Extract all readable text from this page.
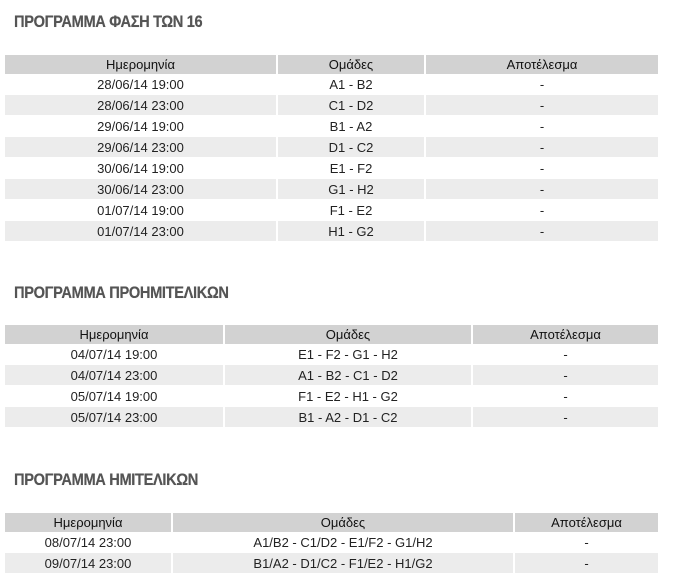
ΠΡΟΓΡΑΜΜΑ ΦΑΣΗ ΤΩΝ 16
Ημερομηνία	Ομάδες	Αποτέλεσμα
28/06/14 19:00	A1 - B2	-
28/06/14 23:00	C1 - D2	-
29/06/14 19:00	B1 - A2	-
29/06/14 23:00	D1 - C2	-
30/06/14 19:00	E1 - F2	-
30/06/14 23:00	G1 - H2	-
01/07/14 19:00	F1 - E2	-
01/07/14 23:00	H1 - G2	-
ΠΡΟΓΡΑΜΜΑ ΠΡΟΗΜΙΤΕΛΙΚΩΝ
Ημερομηνία	Ομάδες	Αποτέλεσμα
04/07/14 19:00	E1 - F2 - G1 - H2	-
04/07/14 23:00	A1 - B2 - C1 - D2	-
05/07/14 19:00	F1 - E2 - H1 - G2	-
05/07/14 23:00	B1 - A2 - D1 - C2	-
ΠΡΟΓΡΑΜΜΑ ΗΜΙΤΕΛΙΚΩΝ
Ημερομηνία	Ομάδες	Αποτέλεσμα
08/07/14 23:00	A1/B2 - C1/D2 - E1/F2 - G1/H2	-
09/07/14 23:00	B1/A2 - D1/C2 - F1/E2 - H1/G2	-
